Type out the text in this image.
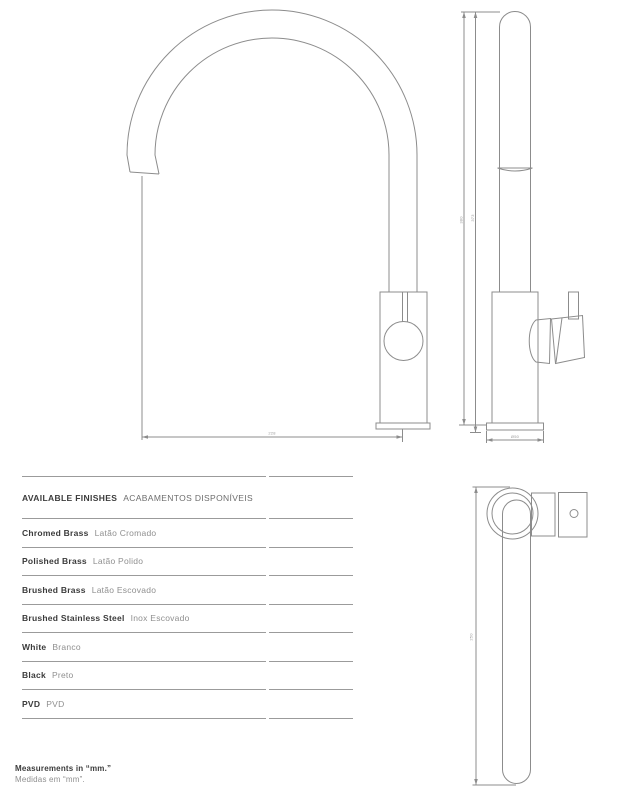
228
380 373
Ø50
250
AVAILABLE FINISHES ACABAMENTOS DISPONÍVEIS
Chromed Brass Latão Cromado
Polished Brass Latão Polido
Brushed Brass Latão Escovado
Brushed Stainless Steel Inox Escovado
White Branco
Black Preto
PVD PVD
Measurements in “mm.”
Medidas em “mm”.
